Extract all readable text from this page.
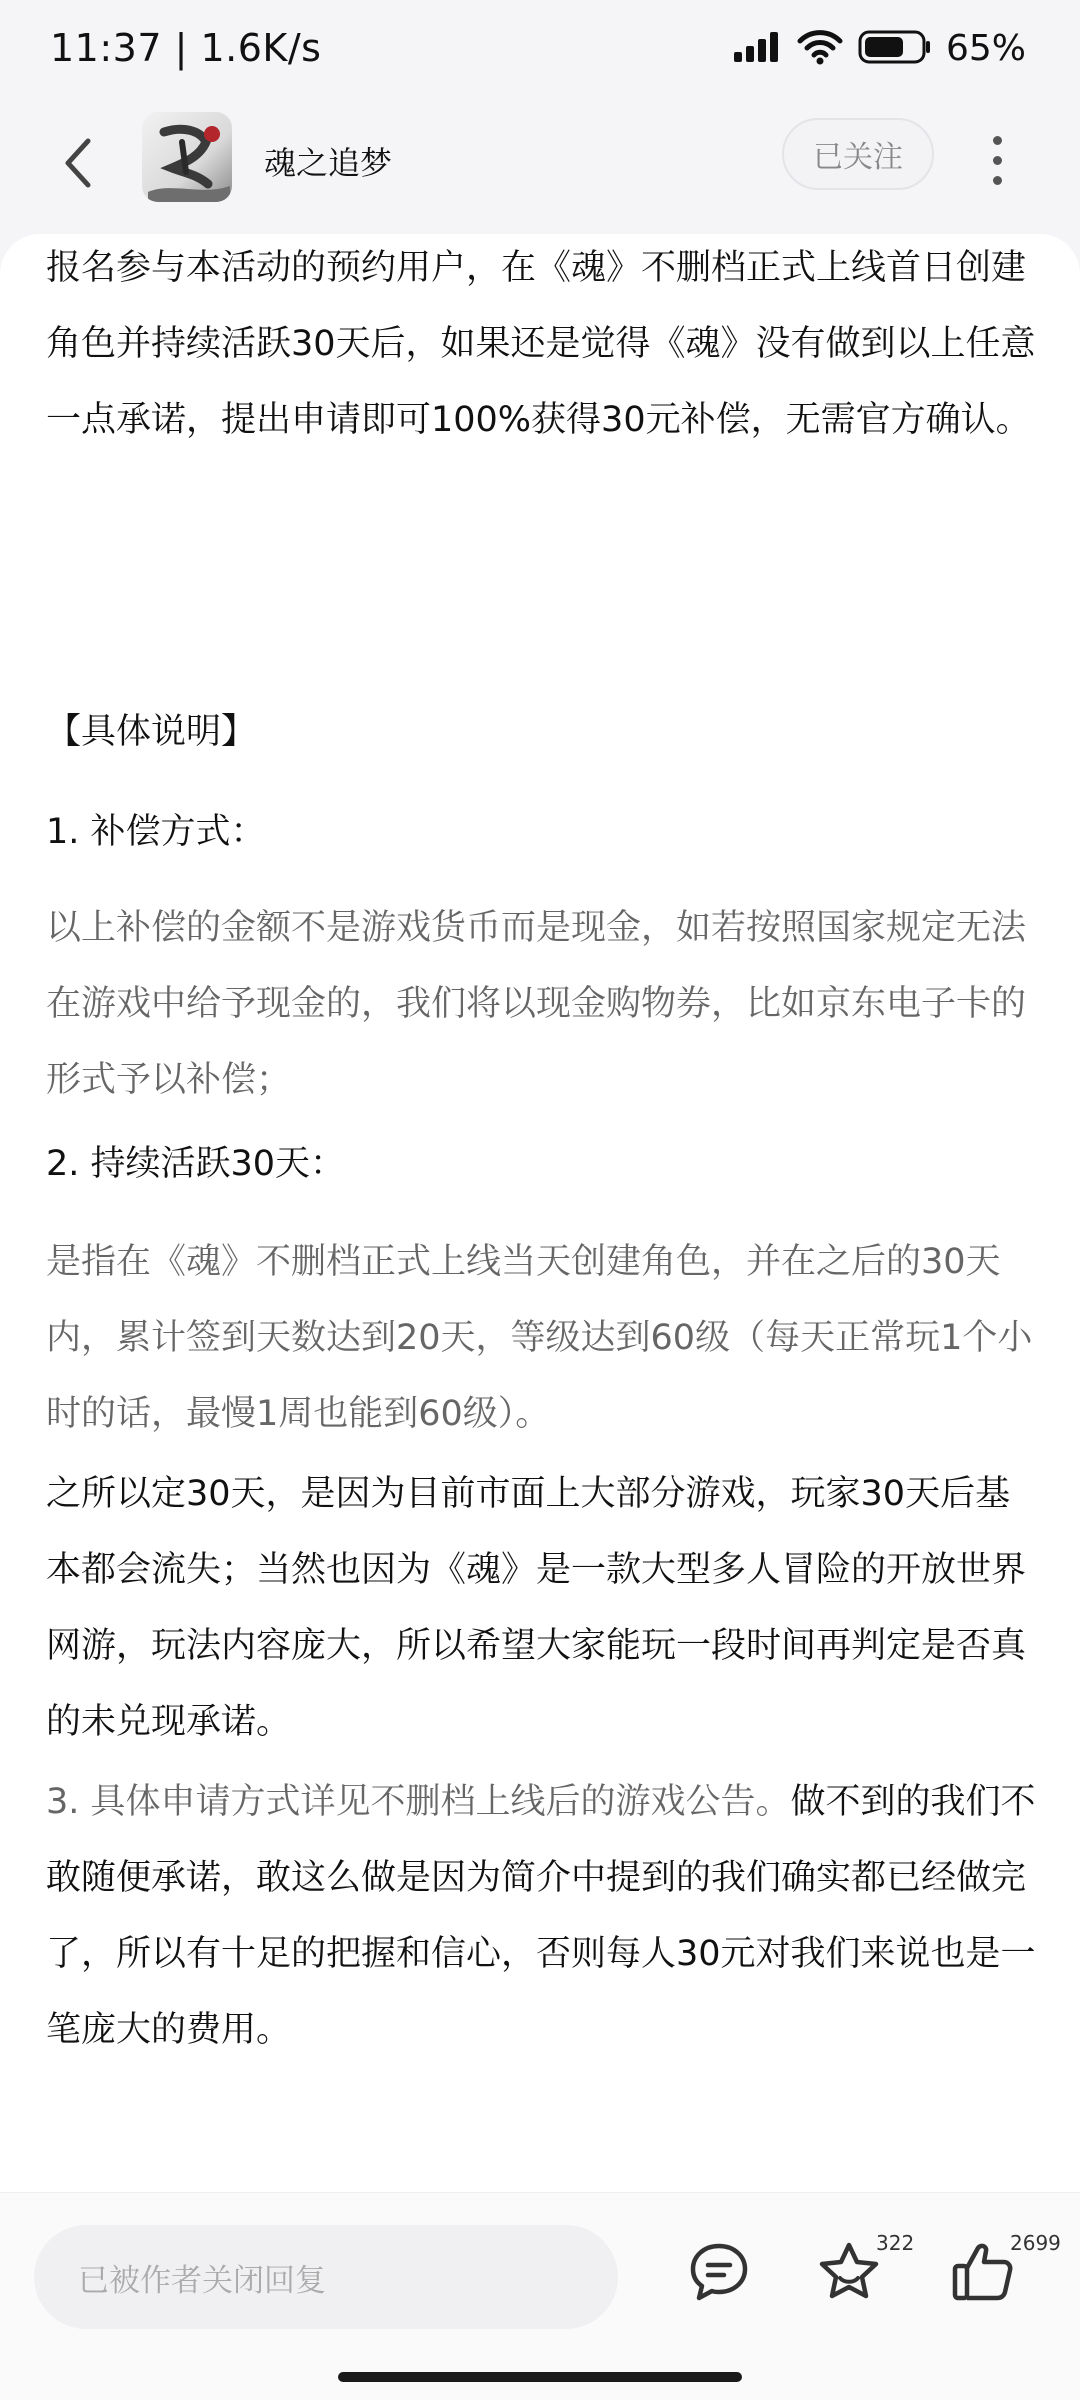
11:37 | 1.6K/s	65%
魂之追梦	已关注

报名参与本活动的预约用户，在《魂》不删档正式上线首日创建角色并持续活跃30天后，如果还是觉得《魂》没有做到以上任意一点承诺，提出申请即可100%获得30元补偿，无需官方确认。

【具体说明】

1. 补偿方式：

以上补偿的金额不是游戏货币而是现金，如若按照国家规定无法在游戏中给予现金的，我们将以现金购物券，比如京东电子卡的形式予以补偿；

2. 持续活跃30天：

是指在《魂》不删档正式上线当天创建角色，并在之后的30天内，累计签到天数达到20天，等级达到60级（每天正常玩1个小时的话，最慢1周也能到60级）。

之所以定30天，是因为目前市面上大部分游戏，玩家30天后基本都会流失；当然也因为《魂》是一款大型多人冒险的开放世界网游，玩法内容庞大，所以希望大家能玩一段时间再判定是否真的未兑现承诺。

3. 具体申请方式详见不删档上线后的游戏公告。做不到的我们不敢随便承诺，敢这么做是因为简介中提到的我们确实都已经做完了，所以有十足的把握和信心，否则每人30元对我们来说也是一笔庞大的费用。

已被作者关闭回复
322	2699
